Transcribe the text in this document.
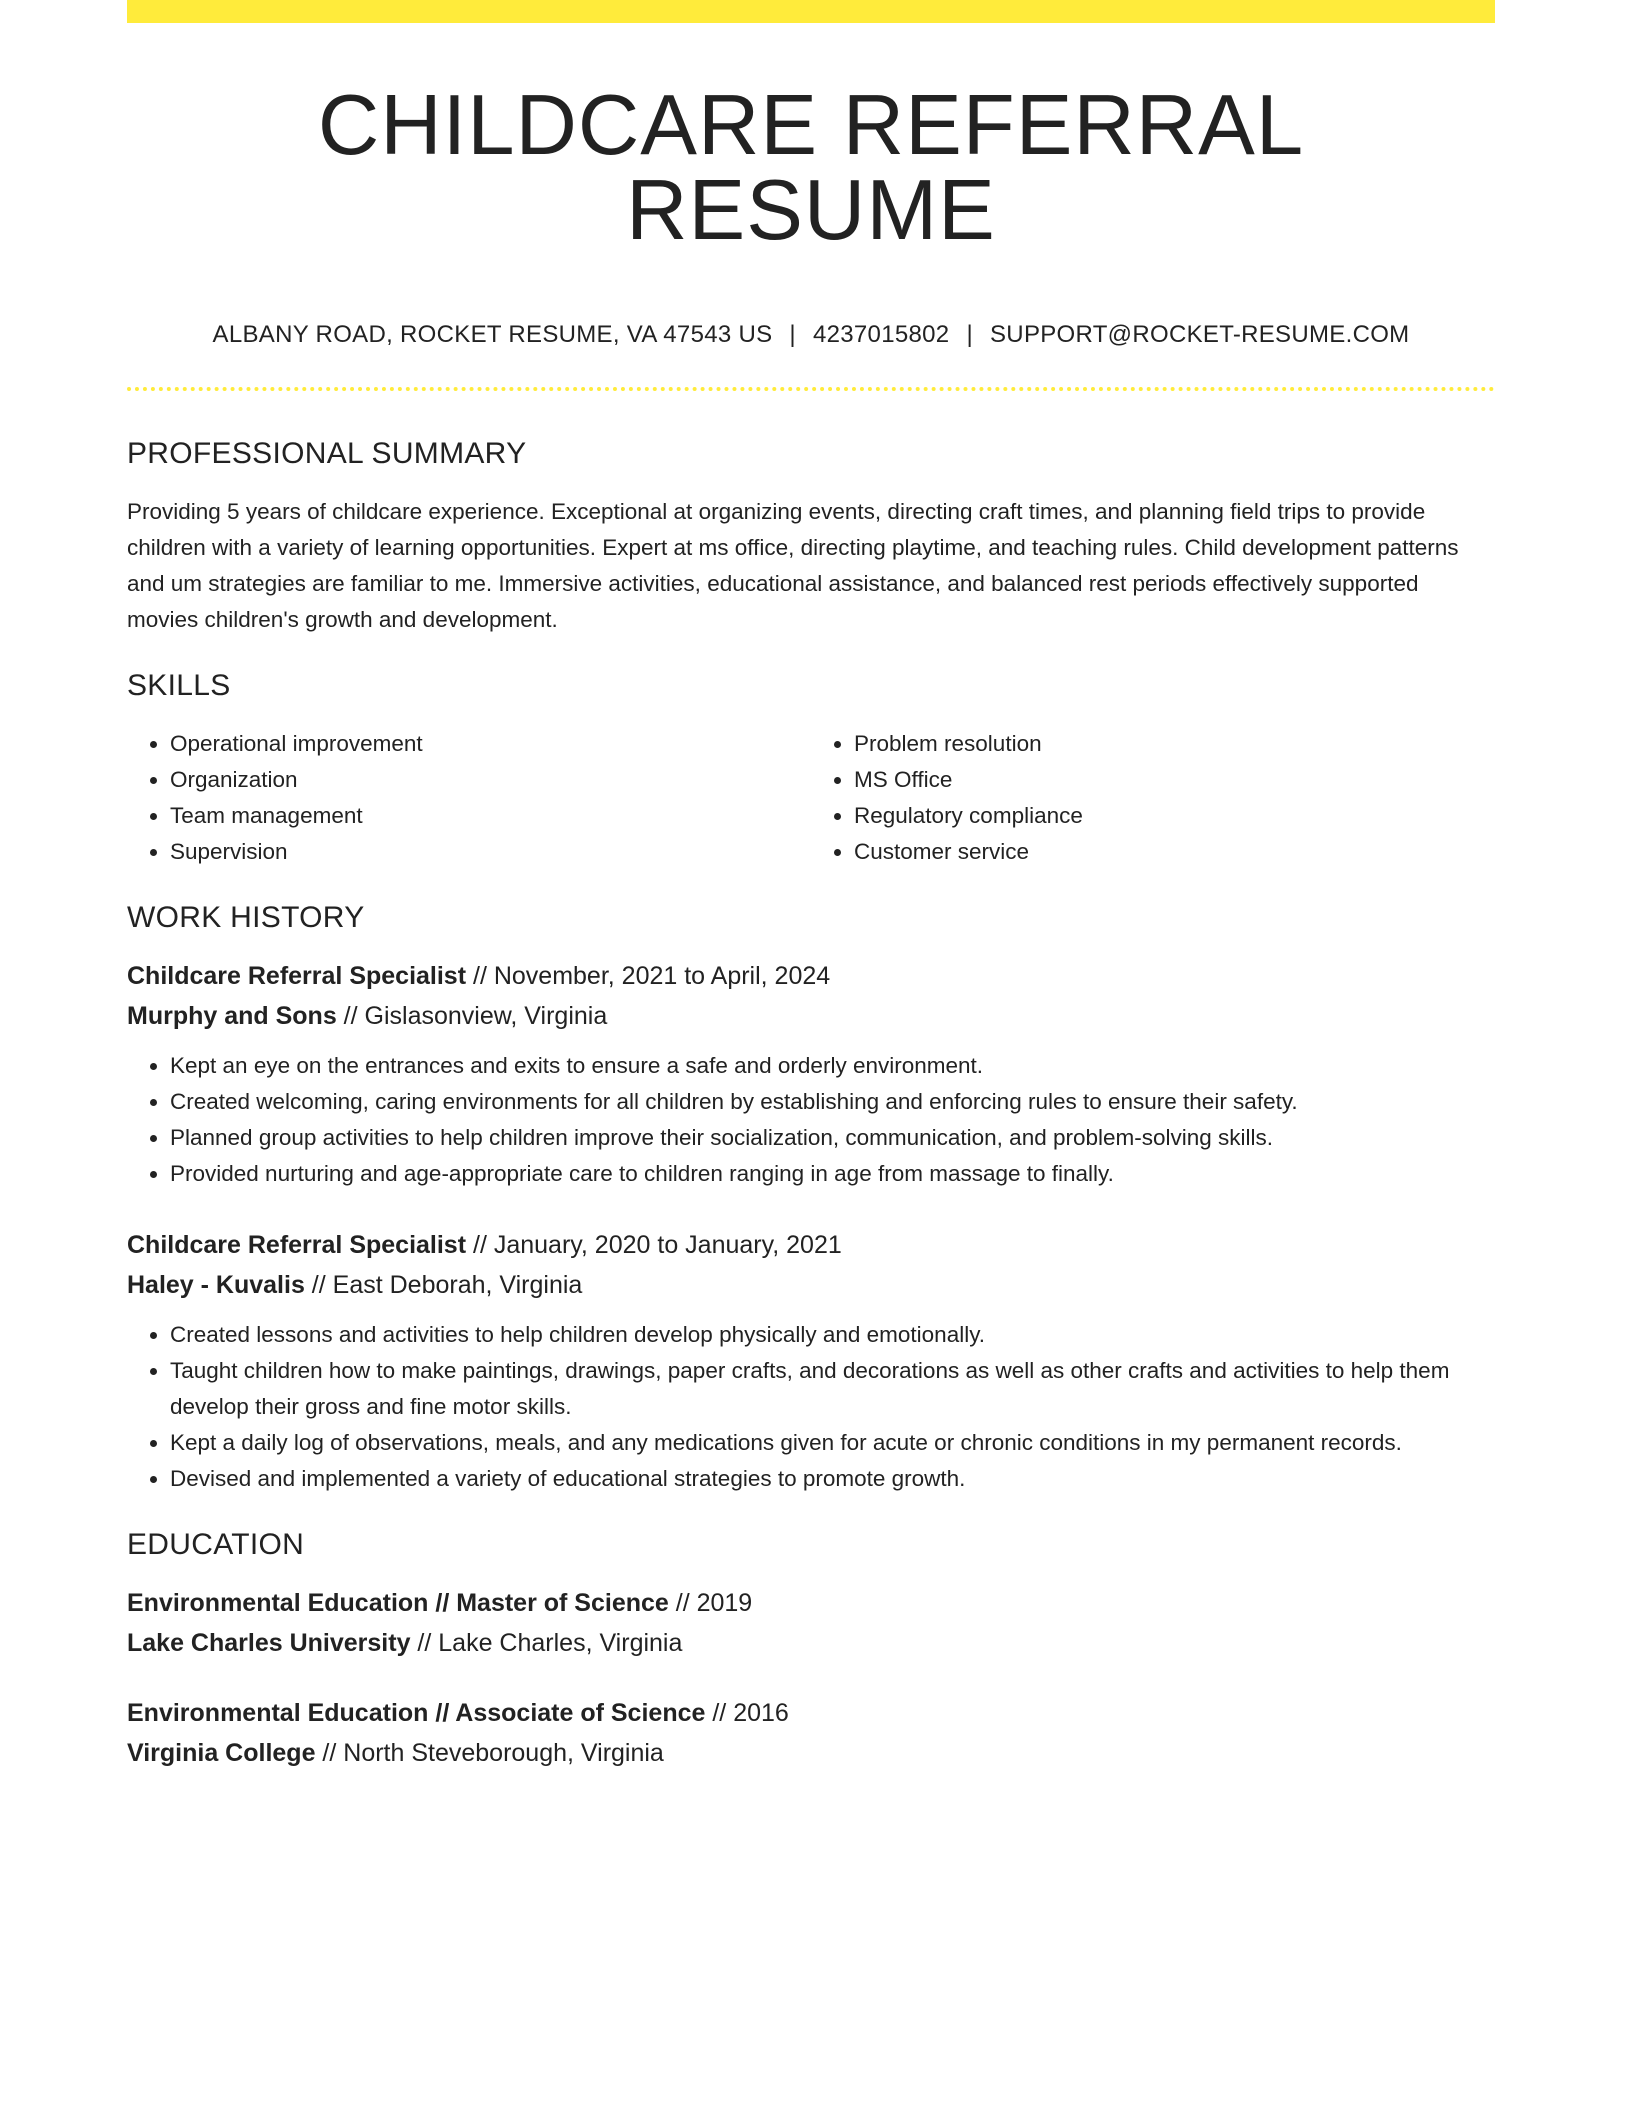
CHILDCARE REFERRAL RESUME
ALBANY ROAD, ROCKET RESUME, VA 47543 US | 4237015802 | SUPPORT@ROCKET-RESUME.COM
PROFESSIONAL SUMMARY

Providing 5 years of childcare experience. Exceptional at organizing events, directing craft times, and planning field trips to provide children with a variety of learning opportunities. Expert at ms office, directing playtime, and teaching rules. Child development patterns and um strategies are familiar to me. Immersive activities, educational assistance, and balanced rest periods effectively supported movies children's growth and development.

SKILLS
• Operational improvement
• Organization
• Team management
• Supervision
• Problem resolution
• MS Office
• Regulatory compliance
• Customer service
WORK HISTORY
Childcare Referral Specialist // November, 2021 to April, 2024
Murphy and Sons // Gislasonview, Virginia
• Kept an eye on the entrances and exits to ensure a safe and orderly environment.
• Created welcoming, caring environments for all children by establishing and enforcing rules to ensure their safety.
• Planned group activities to help children improve their socialization, communication, and problem-solving skills.
• Provided nurturing and age-appropriate care to children ranging in age from massage to finally.
Childcare Referral Specialist // January, 2020 to January, 2021
Haley - Kuvalis // East Deborah, Virginia
• Created lessons and activities to help children develop physically and emotionally.
• Taught children how to make paintings, drawings, paper crafts, and decorations as well as other crafts and activities to help them develop their gross and fine motor skills.
• Kept a daily log of observations, meals, and any medications given for acute or chronic conditions in my permanent records.
• Devised and implemented a variety of educational strategies to promote growth.
EDUCATION
Environmental Education // Master of Science // 2019
Lake Charles University // Lake Charles, Virginia
Environmental Education // Associate of Science // 2016
Virginia College // North Steveborough, Virginia
